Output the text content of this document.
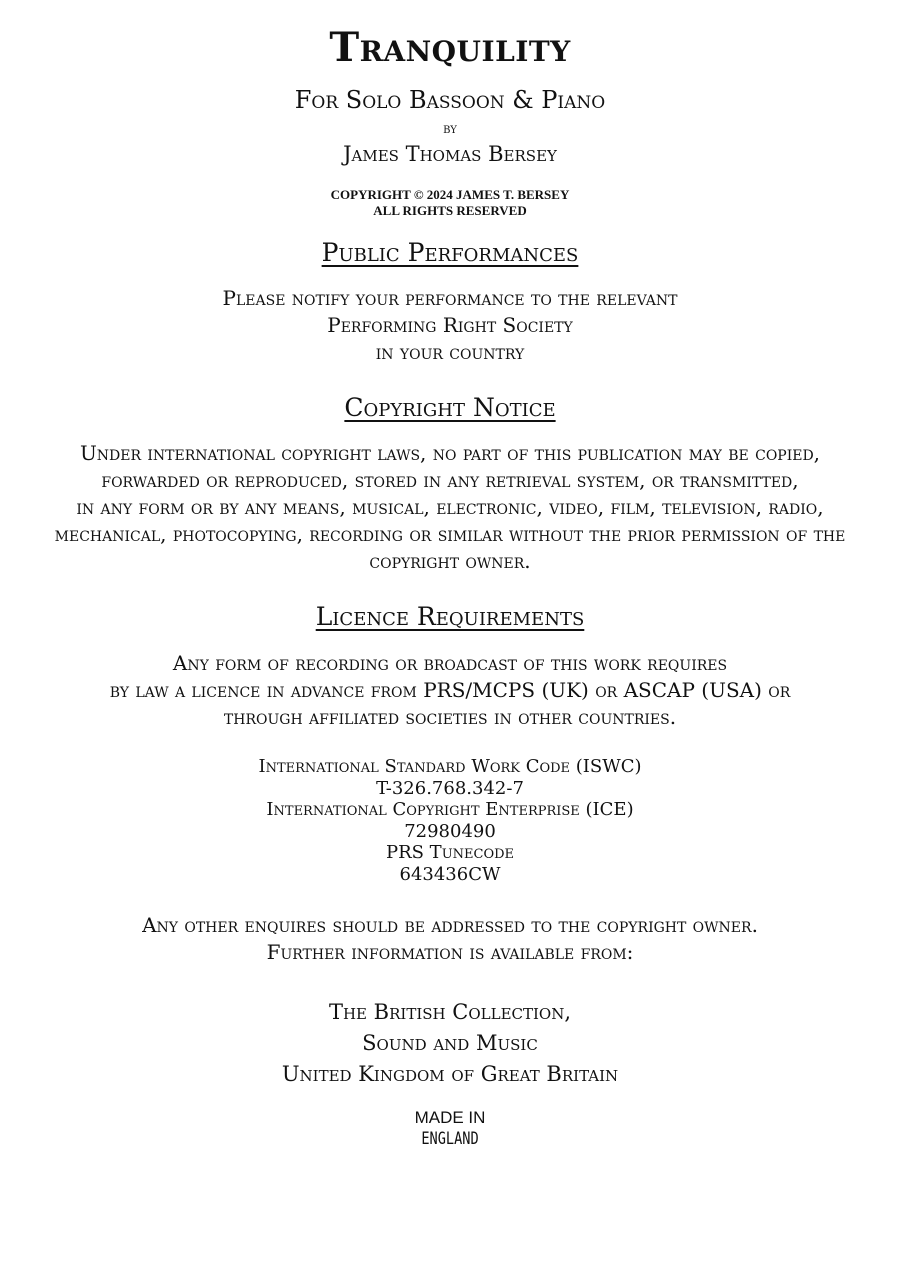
Tranquility
For Solo Bassoon & Piano
by
James Thomas Bersey
COPYRIGHT © 2024 JAMES T. BERSEY
ALL RIGHTS RESERVED
Public Performances
Please notify your performance to the relevant
Performing Right Society
in your country
Copyright Notice
Under international copyright laws, no part of this publication may be copied,
forwarded or reproduced, stored in any retrieval system, or transmitted,
in any form or by any means, musical, electronic, video, film, television, radio,
mechanical, photocopying, recording or similar without the prior permission of the
copyright owner.
Licence Requirements
Any form of recording or broadcast of this work requires
by law a licence in advance from PRS/MCPS (UK) or ASCAP (USA) or
through affiliated societies in other countries.
International Standard Work Code (ISWC)
T-326.768.342-7
International Copyright Enterprise (ICE)
72980490
PRS Tunecode
643436CW
Any other enquires should be addressed to the copyright owner.
Further information is available from:
The British Collection,
Sound and Music
United Kingdom of Great Britain
MADE IN
ENGLAND
